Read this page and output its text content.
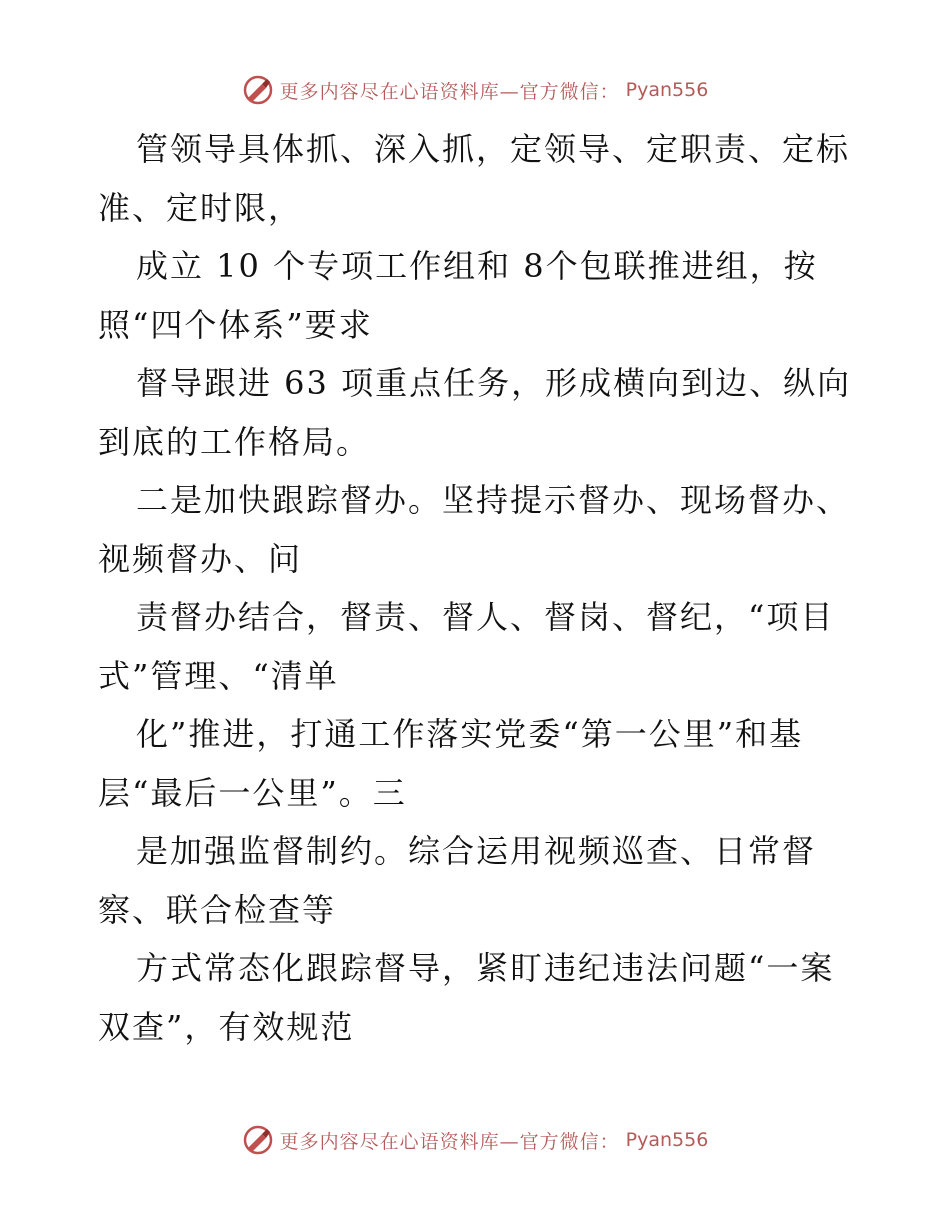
更多内容尽在心语资料库—官方微信： Pyan556
管领导具体抓、深入抓，定领导、定职责、定标
准、定时限，
成立 10 个专项工作组和 8个包联推进组，按
照“四个体系”要求
督导跟进 63 项重点任务，形成横向到边、纵向
到底的工作格局。
二是加快跟踪督办。坚持提示督办、现场督办、
视频督办、问
责督办结合，督责、督人、督岗、督纪，“项目
式”管理、“清单
化”推进，打通工作落实党委“第一公里”和基
层“最后一公里”。三
是加强监督制约。综合运用视频巡查、日常督
察、联合检查等
方式常态化跟踪督导，紧盯违纪违法问题“一案
双查”，有效规范
更多内容尽在心语资料库—官方微信： Pyan556
